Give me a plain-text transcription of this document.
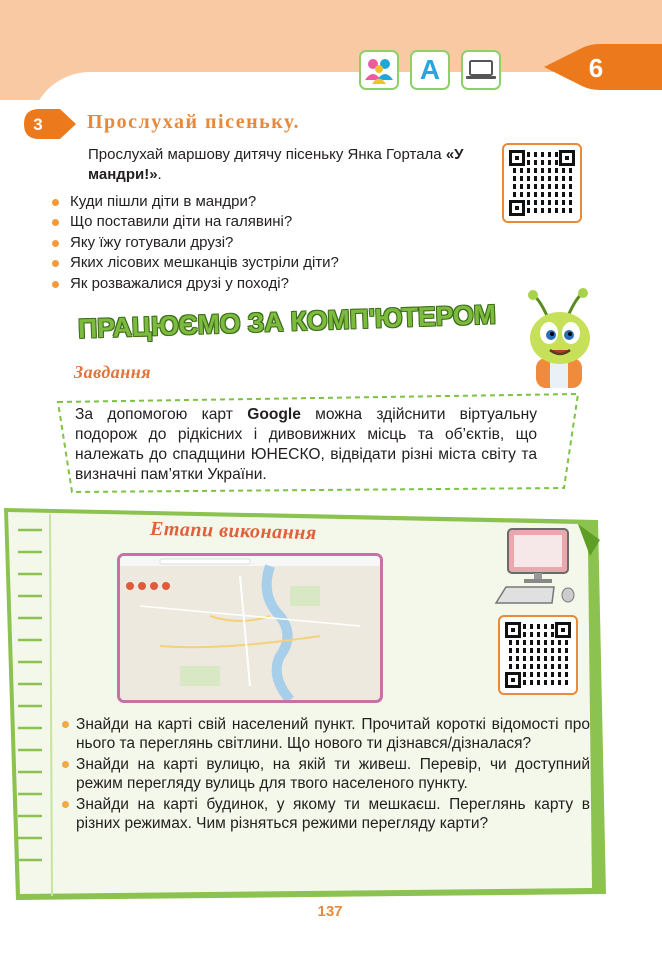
A	6
3 Прослухай пісеньку.
Прослухай маршову дитячу пісеньку Янка Гортала «У мандри!».
Куди пішли діти в мандри?
Що поставили діти на галявині?
Яку їжу готували друзі?
Яких лісових мешканців зустріли діти?
Як розважалися друзі у поході?
ПРАЦЮЄМО ЗА КОМП'ЮТЕРОМ
Завдання
За допомогою карт Google можна здійснити віртуальну подорож до рідкісних і дивовижних місць та об’єктів, що належать до спадщини ЮНЕСКО, відвідати різні міста світу та визначні пам’ятки України.
Етапи виконання
Знайди на карті свій населений пункт. Прочитай короткі відомості про нього та переглянь світлини. Що нового ти дізнався/дізналася?
Знайди на карті вулицю, на якій ти живеш. Перевір, чи доступний режим перегляду вулиць для твого населеного пункту.
Знайди на карті будинок, у якому ти мешкаєш. Переглянь карту в різних режимах. Чим різняться режими перегляду карти?
137
